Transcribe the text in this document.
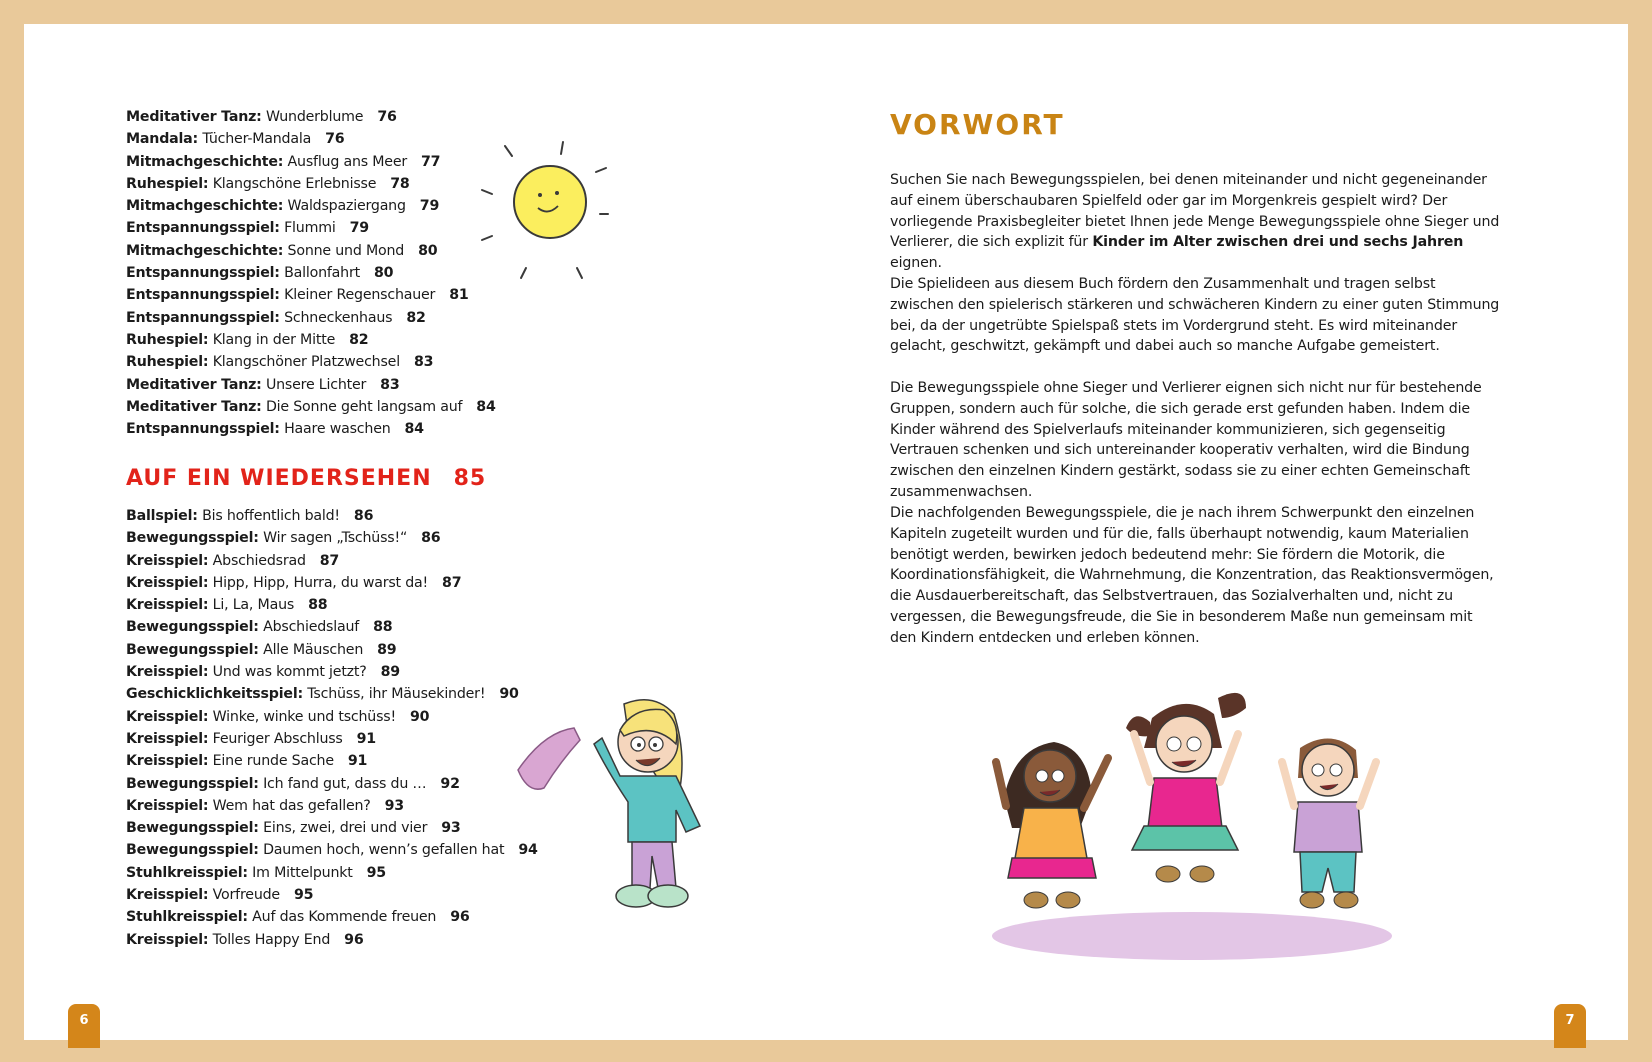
Meditativer Tanz: Wunderblume 76
Mandala: Tücher-Mandala 76
Mitmachgeschichte: Ausflug ans Meer 77
Ruhespiel: Klangschöne Erlebnisse 78
Mitmachgeschichte: Waldspaziergang 79
Entspannungsspiel: Flummi 79
Mitmachgeschichte: Sonne und Mond 80
Entspannungsspiel: Ballonfahrt 80
Entspannungsspiel: Kleiner Regenschauer 81
Entspannungsspiel: Schneckenhaus 82
Ruhespiel: Klang in der Mitte 82
Ruhespiel: Klangschöner Platzwechsel 83
Meditativer Tanz: Unsere Lichter 83
Meditativer Tanz: Die Sonne geht langsam auf 84
Entspannungsspiel: Haare waschen 84
AUF EIN WIEDERSEHEN 85
Ballspiel: Bis hoffentlich bald! 86
Bewegungsspiel: Wir sagen „Tschüss!“ 86
Kreisspiel: Abschiedsrad 87
Kreisspiel: Hipp, Hipp, Hurra, du warst da! 87
Kreisspiel: Li, La, Maus 88
Bewegungsspiel: Abschiedslauf 88
Bewegungsspiel: Alle Mäuschen 89
Kreisspiel: Und was kommt jetzt? 89
Geschicklichkeitsspiel: Tschüss, ihr Mäusekinder! 90
Kreisspiel: Winke, winke und tschüss! 90
Kreisspiel: Feuriger Abschluss 91
Kreisspiel: Eine runde Sache 91
Bewegungsspiel: Ich fand gut, dass du … 92
Kreisspiel: Wem hat das gefallen? 93
Bewegungsspiel: Eins, zwei, drei und vier 93
Bewegungsspiel: Daumen hoch, wenn’s gefallen hat 94
Stuhlkreisspiel: Im Mittelpunkt 95
Kreisspiel: Vorfreude 95
Stuhlkreisspiel: Auf das Kommende freuen 96
Kreisspiel: Tolles Happy End 96
6
VORWORT

Suchen Sie nach Bewegungsspielen, bei denen miteinander und nicht gegeneinander auf einem überschaubaren Spielfeld oder gar im Morgenkreis gespielt wird? Der vorliegende Praxisbegleiter bietet Ihnen jede Menge Bewegungsspiele ohne Sieger und Verlierer, die sich explizit für Kinder im Alter zwischen drei und sechs Jahren eignen.

Die Spielideen aus diesem Buch fördern den Zusammenhalt und tragen selbst zwischen den spielerisch stärkeren und schwächeren Kindern zu einer guten Stimmung bei, da der ungetrübte Spielspaß stets im Vordergrund steht. Es wird miteinander gelacht, geschwitzt, gekämpft und dabei auch so manche Aufgabe gemeistert.

Die Bewegungsspiele ohne Sieger und Verlierer eignen sich nicht nur für bestehende Gruppen, sondern auch für solche, die sich gerade erst gefunden haben. Indem die Kinder während des Spielverlaufs miteinander kommunizieren, sich gegenseitig Vertrauen schenken und sich untereinander kooperativ verhalten, wird die Bindung zwischen den einzelnen Kindern gestärkt, sodass sie zu einer echten Gemeinschaft zusammenwachsen.

Die nachfolgenden Bewegungsspiele, die je nach ihrem Schwerpunkt den einzelnen Kapiteln zugeteilt wurden und für die, falls überhaupt notwendig, kaum Materialien benötigt werden, bewirken jedoch bedeutend mehr: Sie fördern die Motorik, die Koordinationsfähigkeit, die Wahrnehmung, die Konzentration, das Reaktionsvermögen, die Ausdauerbereitschaft, das Selbstvertrauen, das Sozialverhalten und, nicht zu vergessen, die Bewegungsfreude, die Sie in besonderem Maße nun gemeinsam mit den Kindern entdecken und erleben können.

7
